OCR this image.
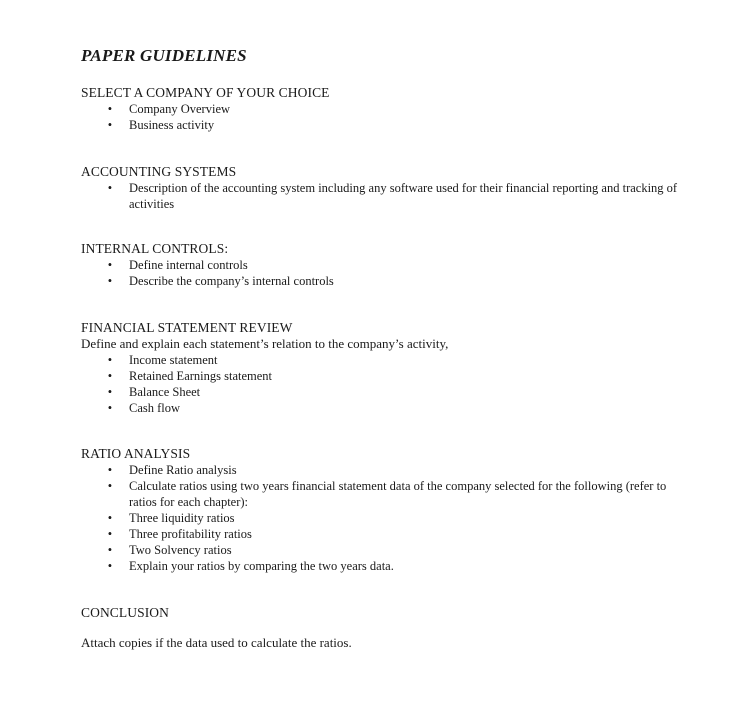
PAPER GUIDELINES
SELECT A COMPANY OF YOUR CHOICE
• Company Overview
• Business activity
ACCOUNTING SYSTEMS
• Description of the accounting system including any software used for their financial reporting and tracking of activities
INTERNAL CONTROLS:
• Define internal controls
• Describe the company’s internal controls
FINANCIAL STATEMENT REVIEW
Define and explain each statement’s relation to the company’s activity,
• Income statement
• Retained Earnings statement
• Balance Sheet
• Cash flow
RATIO ANALYSIS
• Define Ratio analysis
• Calculate ratios using two years financial statement data of the company selected for the following (refer to ratios for each chapter):
• Three liquidity ratios
• Three profitability ratios
• Two Solvency ratios
• Explain your ratios by comparing the two years data.
CONCLUSION
Attach copies if the data used to calculate the ratios.
